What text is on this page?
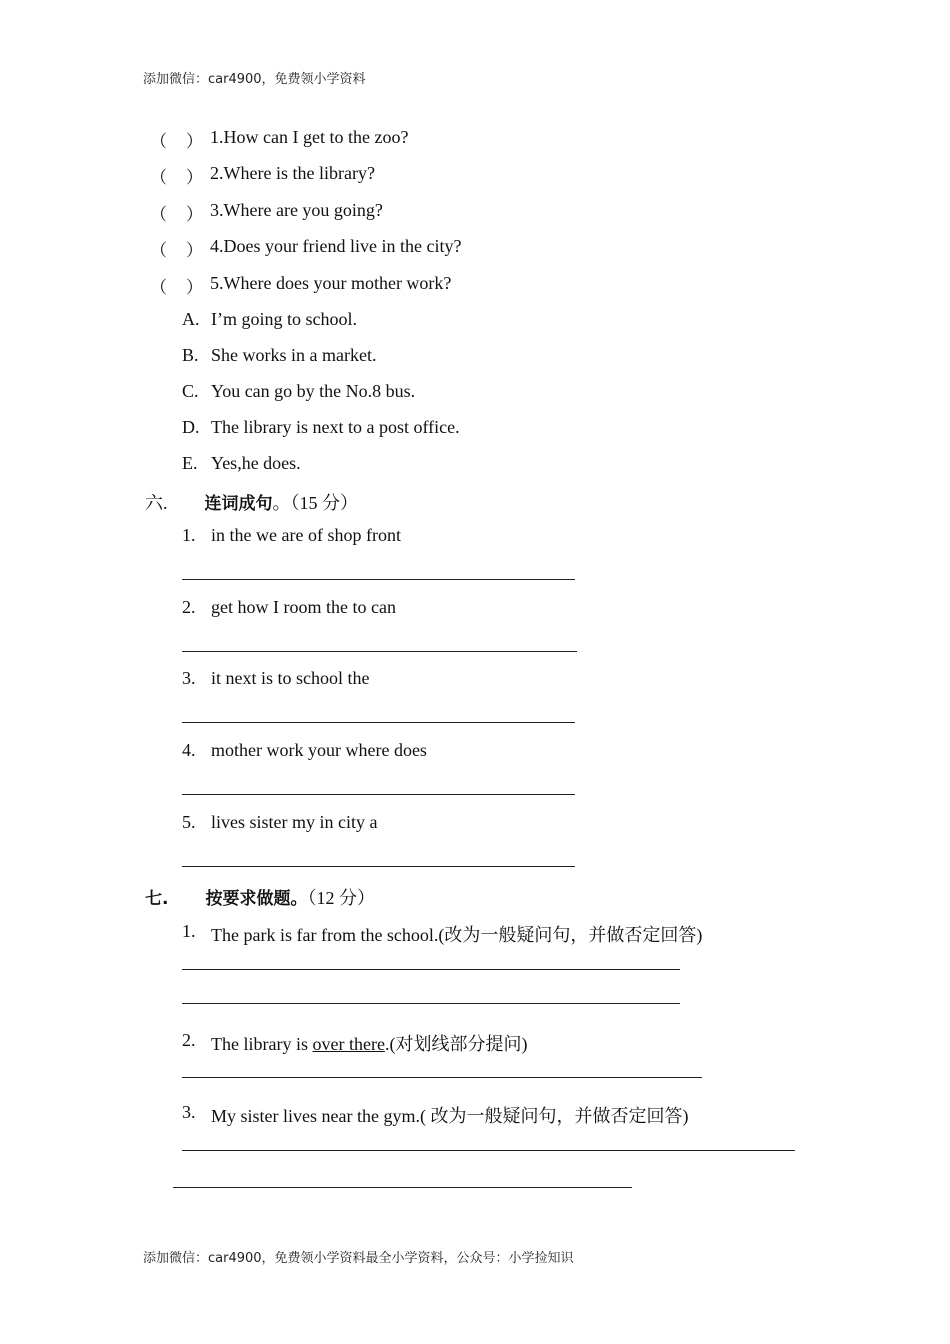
添加微信：car4900，免费领小学资料
（ ） 1.How can I get to the zoo?
（ ） 2.Where is the library?
（ ） 3.Where are you going?
（ ） 4.Does your friend live in the city?
（ ） 5.Where does your mother work?
A. I’m going to school.
B. She works in a market.
C. You can go by the No.8 bus.
D. The library is next to a post office.
E. Yes,he does.
六. 连词成句。（15 分）
1. in the we are of shop front
2. get how I room the to can
3. it next is to school the
4. mother work your where does
5. lives sister my in city a
七. 按要求做题。（12 分）
1. The park is far from the school.(改为一般疑问句，并做否定回答)
2. The library is over there.(对划线部分提问)
3. My sister lives near the gym.( 改为一般疑问句，并做否定回答)
添加微信：car4900，免费领小学资料最全小学资料，公众号：小学捡知识
